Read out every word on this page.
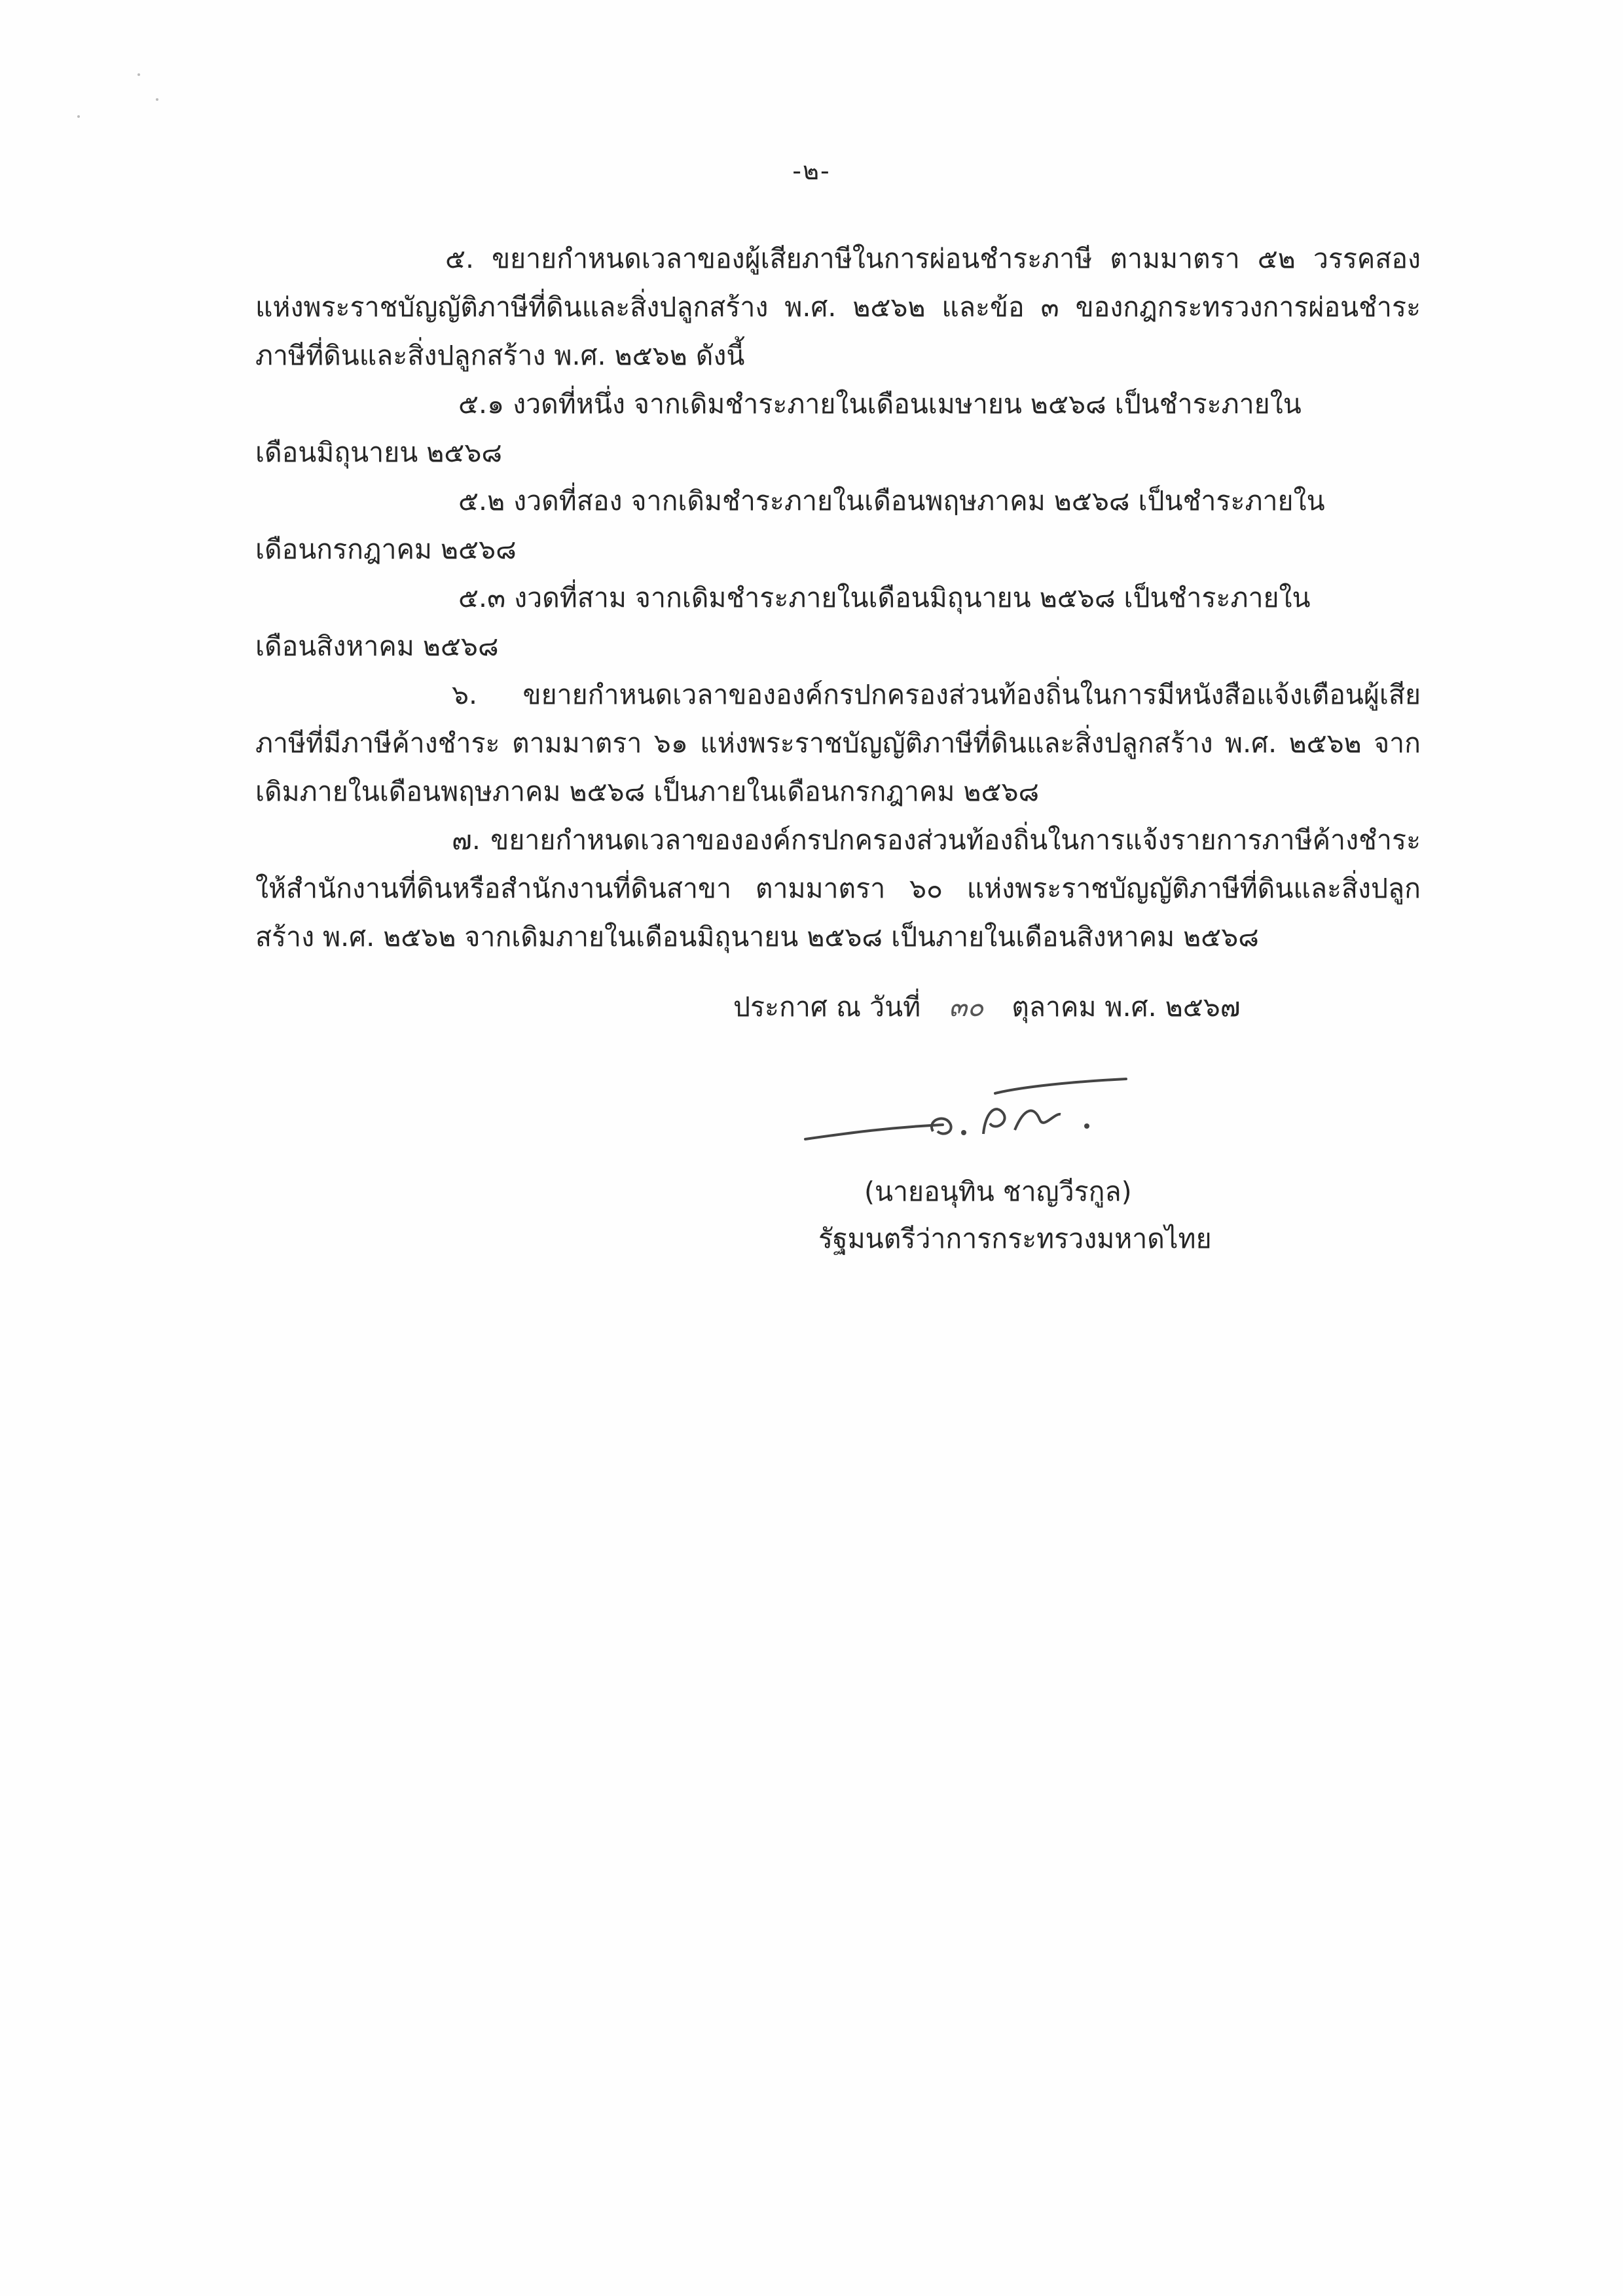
-๒-

๕. ขยายกำหนดเวลาของผู้เสียภาษีในการผ่อนชำระภาษี ตามมาตรา ๕๒ วรรคสอง แห่งพระราชบัญญัติภาษีที่ดินและสิ่งปลูกสร้าง พ.ศ. ๒๕๖๒ และข้อ ๓ ของกฎกระทรวงการผ่อนชำระภาษีที่ดินและสิ่งปลูกสร้าง พ.ศ. ๒๕๖๒ ดังนี้

๕.๑ งวดที่หนึ่ง จากเดิมชำระภายในเดือนเมษายน ๒๕๖๘ เป็นชำระภายใน

เดือนมิถุนายน ๒๕๖๘

๕.๒ งวดที่สอง จากเดิมชำระภายในเดือนพฤษภาคม ๒๕๖๘ เป็นชำระภายใน

เดือนกรกฎาคม ๒๕๖๘

๕.๓ งวดที่สาม จากเดิมชำระภายในเดือนมิถุนายน ๒๕๖๘ เป็นชำระภายใน

เดือนสิงหาคม ๒๕๖๘

๖. ขยายกำหนดเวลาขององค์กรปกครองส่วนท้องถิ่นในการมีหนังสือแจ้งเตือนผู้เสียภาษีที่มีภาษีค้างชำระ ตามมาตรา ๖๑ แห่งพระราชบัญญัติภาษีที่ดินและสิ่งปลูกสร้าง พ.ศ. ๒๕๖๒ จากเดิมภายในเดือนพฤษภาคม ๒๕๖๘ เป็นภายในเดือนกรกฎาคม ๒๕๖๘

๗. ขยายกำหนดเวลาขององค์กรปกครองส่วนท้องถิ่นในการแจ้งรายการภาษีค้างชำระให้สำนักงานที่ดินหรือสำนักงานที่ดินสาขา ตามมาตรา ๖๐ แห่งพระราชบัญญัติภาษีที่ดินและสิ่งปลูกสร้าง พ.ศ. ๒๕๖๒ จากเดิมภายในเดือนมิถุนายน ๒๕๖๘ เป็นภายในเดือนสิงหาคม ๒๕๖๘

ประกาศ ณ วันที่ ๓๐ ตุลาคม พ.ศ. ๒๕๖๗
(นายอนุทิน ชาญวีรกูล)
รัฐมนตรีว่าการกระทรวงมหาดไทย
